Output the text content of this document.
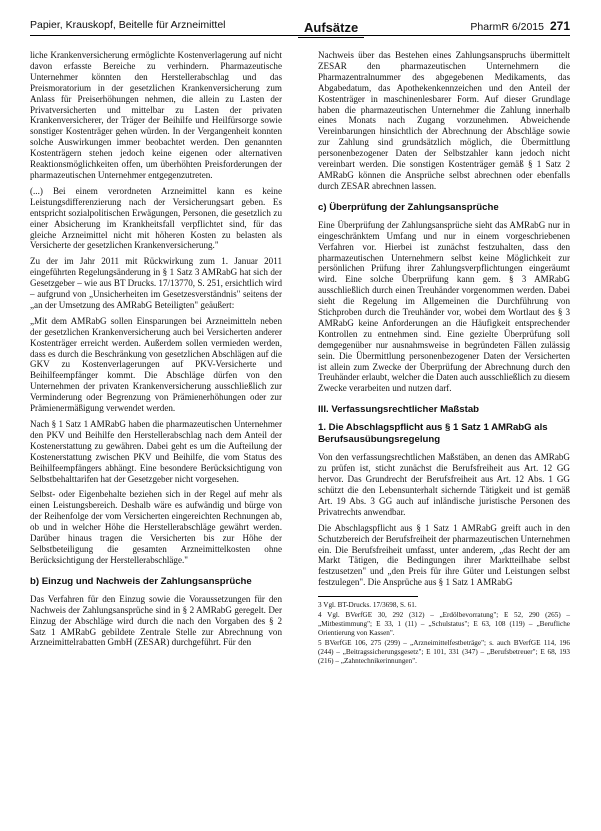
Papier, Krauskopf, Beitelle für Arzneimittel	Aufsätze	PharmR 6/2015 271

liche Krankenversicherung ermöglichte Kostenverlagerung auf nicht davon erfasste Bereiche zu verhindern. Pharmazeutische Unternehmer könnten den Herstellerabschlag und das Preismoratorium in der gesetzlichen Krankenversicherung zum Anlass für Preiserhöhungen nehmen, die allein zu Lasten der Privatversicherten und mittelbar zu Lasten der privaten Krankenversicherer, der Träger der Beihilfe und Heilfürsorge sowie sonstiger Kostenträger gehen würden. In der Vergangenheit konnten solche Auswirkungen immer beobachtet werden. Den genannten Kostenträgern stehen jedoch keine eigenen oder alternativen Reaktionsmöglichkeiten offen, um überhöhten Preisforderungen der pharmazeutischen Unternehmer entgegenzutreten.

(...) Bei einem verordneten Arzneimittel kann es keine Leistungsdifferenzierung nach der Versicherungsart geben. Es entspricht sozialpolitischen Erwägungen, Personen, die gesetzlich zu einer Absicherung im Krankheitsfall verpflichtet sind, für das gleiche Arzneimittel nicht mit höheren Kosten zu belasten als Versicherte der gesetzlichen Krankenversicherung."

Zu der im Jahr 2011 mit Rückwirkung zum 1. Januar 2011 eingeführten Regelungsänderung in § 1 Satz 3 AMRabG hat sich der Gesetzgeber – wie aus BT Drucks. 17/13770, S. 251, ersichtlich wird – aufgrund von „Unsicherheiten im Gesetzesverständnis" seitens der „an der Umsetzung des AMRabG Beteiligten" geäußert:

„Mit dem AMRabG sollen Einsparungen bei Arzneimitteln neben der gesetzlichen Krankenversicherung auch bei Versicherten anderer Kostenträger erreicht werden. Außerdem sollen vermieden werden, dass es durch die Beschränkung von gesetzlichen Abschlägen auf die GKV zu Kostenverlagerungen auf PKV-Versicherte und Beihilfeempfänger kommt. Die Abschläge dürfen von den Unternehmen der privaten Krankenversicherung ausschließlich zur Verminderung oder Begrenzung von Prämienerhöhungen oder zur Prämienermäßigung verwendet werden.

Nach § 1 Satz 1 AMRabG haben die pharmazeutischen Unternehmer den PKV und Beihilfe den Herstellerabschlag nach dem Anteil der Kostenerstattung zu gewähren. Dabei geht es um die Aufteilung der Kostenerstattung zwischen PKV und Beihilfe, die vom Status des Beihilfeempfängers abhängt. Eine besondere Berücksichtigung von Selbstbehalttarifen hat der Gesetzgeber nicht vorgesehen.

Selbst- oder Eigenbehalte beziehen sich in der Regel auf mehr als einen Leistungsbereich. Deshalb wäre es aufwändig und bürge von der Reihenfolge der vom Versicherten eingereichten Rechnungen ab, ob und in welcher Höhe die Herstellerabschläge gewährt werden. Darüber hinaus tragen die Versicherten bis zur Höhe der Selbstbeteiligung die gesamten Arzneimittelkosten ohne Berücksichtigung der Herstellerabschläge."

b) Einzug und Nachweis der Zahlungsansprüche

Das Verfahren für den Einzug sowie die Voraussetzungen für den Nachweis der Zahlungsansprüche sind in § 2 AMRabG geregelt. Der Einzug der Abschläge wird durch die nach den Vorgaben des § 2 Satz 1 AMRabG gebildete Zentrale Stelle zur Abrechnung von Arzneimittelrabatten GmbH (ZESAR) durchgeführt. Für den

Nachweis über das Bestehen eines Zahlungsanspruchs übermittelt ZESAR den pharmazeutischen Unternehmern die Pharmazentralnummer des abgegebenen Medikaments, das Abgabedatum, das Apothekenkennzeichen und den Anteil der Kostenträger in maschinenlesbarer Form. Auf dieser Grundlage haben die pharmazeutischen Unternehmer die Zahlung innerhalb eines Monats nach Zugang vorzunehmen. Abweichende Vereinbarungen hinsichtlich der Abrechnung der Abschläge sowie zur Zahlung sind grundsätzlich möglich, die Übermittlung personenbezogener Daten der Selbstzahler kann jedoch nicht vereinbart werden. Die sonstigen Kostenträger gemäß § 1 Satz 2 AMRabG können die Ansprüche selbst abrechnen oder ebenfalls durch ZESAR abrechnen lassen.

c) Überprüfung der Zahlungsansprüche

Eine Überprüfung der Zahlungsansprüche sieht das AMRabG nur in eingeschränktem Umfang und nur in einem vorgeschriebenen Verfahren vor. Hierbei ist zunächst festzuhalten, dass den pharmazeutischen Unternehmern selbst keine Möglichkeit zur persönlichen Prüfung ihrer Zahlungsverpflichtungen eingeräumt wird. Eine solche Überprüfung kann gem. § 3 AMRabG ausschließlich durch einen Treuhänder vorgenommen werden. Dabei sieht die Regelung im Allgemeinen die Durchführung von Stichproben durch die Treuhänder vor, wobei dem Wortlaut des § 3 AMRabG keine Anforderungen an die Häufigkeit entsprechender Kontrollen zu entnehmen sind. Eine gezielte Überprüfung soll demgegenüber nur ausnahmsweise in begründeten Fällen zulässig sein. Die Übermittlung personenbezogener Daten der Versicherten ist allein zum Zwecke der Überprüfung der Abrechnung durch den Treuhänder erlaubt, welcher die Daten auch ausschließlich zu diesem Zwecke verarbeiten und nutzen darf.

III. Verfassungsrechtlicher Maßstab
1. Die Abschlagspflicht aus § 1 Satz 1 AMRabG als Berufsausübungsregelung

Von den verfassungsrechtlichen Maßstäben, an denen das AMRabG zu prüfen ist, sticht zunächst die Berufsfreiheit aus Art. 12 GG hervor. Das Grundrecht der Berufsfreiheit aus Art. 12 Abs. 1 GG schützt die den Lebensunterhalt sichernde Tätigkeit und ist gemäß Art. 19 Abs. 3 GG auch auf inländische juristische Personen des Privatrechts anwendbar.

Die Abschlagspflicht aus § 1 Satz 1 AMRabG greift auch in den Schutzbereich der Berufsfreiheit der pharmazeutischen Unternehmen ein. Die Berufsfreiheit umfasst, unter anderem, „das Recht der am Markt Tätigen, die Bedingungen ihrer Marktteilhabe selbst festzusetzen" und „den Preis für ihre Güter und Leistungen selbst festzulegen". Die Ansprüche aus § 1 Satz 1 AMRabG

3 Vgl. BT-Drucks. 17/3698, S. 61.
4 Vgl. BVerfGE 30, 292 (312) – „Erdölbevorratung"; E 52, 290 (265) – „Mitbestimmung"; E 33, 1 (11) – „Schulstatus"; E 63, 108 (119) – „Berufliche Orientierung von Kassen".
5 BVerfGE 106, 275 (299) – „Arzneimittelfestbeträge"; s. auch BVerfGE 114, 196 (244) – „Beitragssicherungsgesetz"; E 101, 331 (347) – „Berufsbetreuer"; E 68, 193 (216) – „Zahntechnikerinnungen".
